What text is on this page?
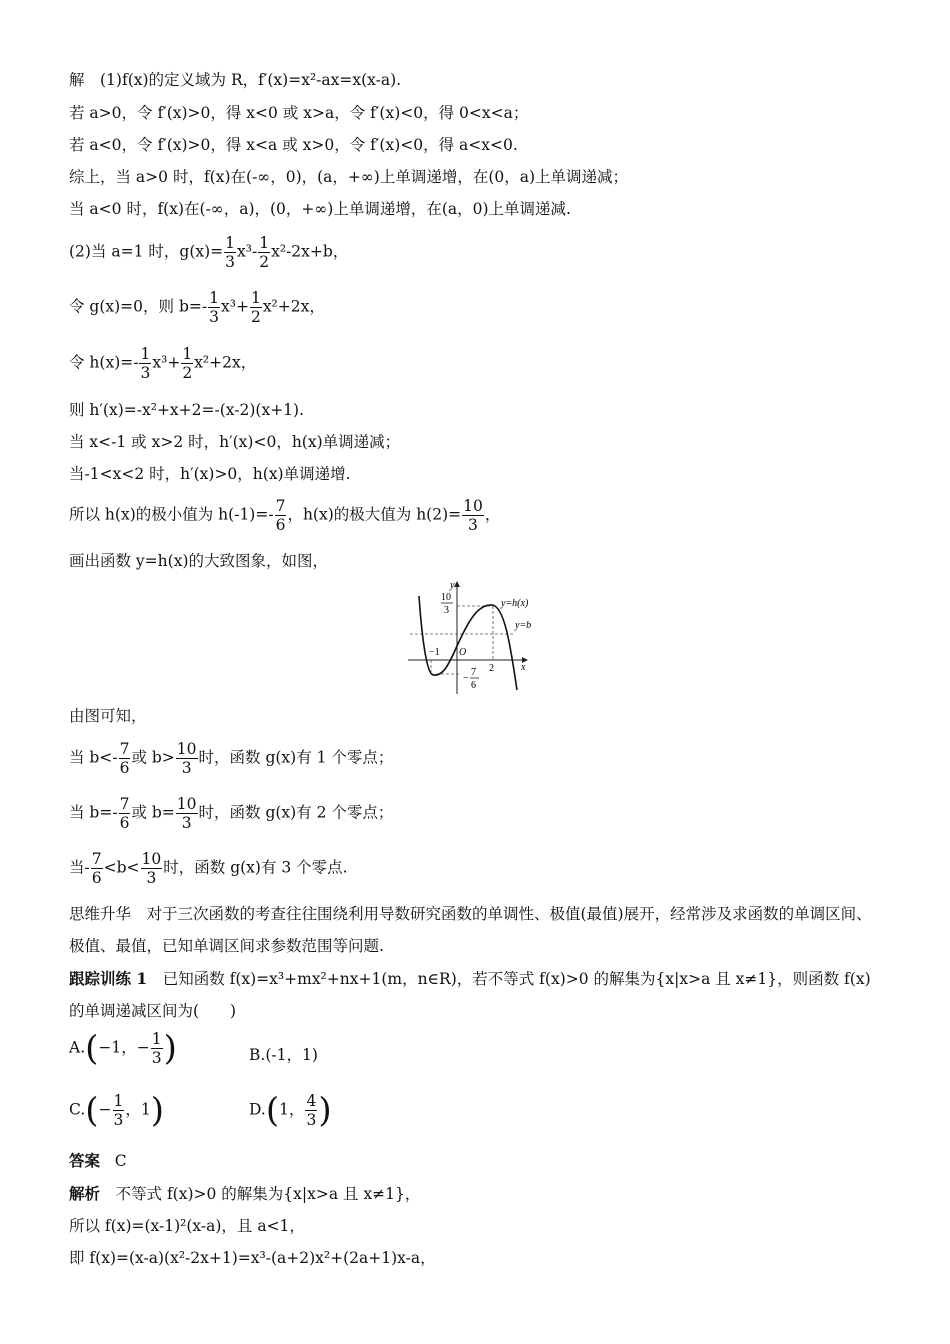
解 (1)f(x)的定义域为 R，f′(x)=x²-ax=x(x-a).
若 a>0，令 f′(x)>0，得 x<0 或 x>a，令 f′(x)<0，得 0<x<a；
若 a<0，令 f′(x)>0，得 x<a 或 x>0，令 f′(x)<0，得 a<x<0.
综上，当 a>0 时，f(x)在(-∞，0)，(a，+∞)上单调递增，在(0，a)上单调递减；
当 a<0 时，f(x)在(-∞，a)，(0，+∞)上单调递增，在(a，0)上单调递减.
(2)当 a=1 时，$g(x)= \frac{1}{3} x^3- \frac{1}{2} x^2-2x+b$，
令 g(x)=0，则 $b=- \frac{1}{3} x^3+ \frac{1}{2} x^2+2x$，
令 $h(x)=- \frac{1}{3} x^3+ \frac{1}{2} x^2+2x$，
则 h′(x)=-x²+x+2=-(x-2)(x+1).
当 x<-1 或 x>2 时，h′(x)<0，h(x)单调递减；
当-1<x<2 时，h′(x)>0，h(x)单调递增.
所以 h(x)的极小值为 $h(-1)=- \frac{7}{6}$ ，h(x)的极大值为 $h(2)= \frac{10}{3}$ ，
画出函数 y=h(x)的大致图象，如图，
y
x
O
10
3
y=h(x)
y=b
−1
2
−
7
6
由图可知，
当 $b<- \frac{7}{6}$ 或 $b> \frac{10}{3}$ 时，函数 g(x)有 1 个零点；
当 $b=- \frac{7}{6}$ 或 $b= \frac{10}{3}$ 时，函数 g(x)有 2 个零点；
当- $\frac{7}{6} <b< \frac{10}{3}$ 时，函数 g(x)有 3 个零点.
思维升华 对于三次函数的考查往往围绕利用导数研究函数的单调性、极值(最值)展开，经常涉及求函数的单调区间、极值、最值，已知单调区间求参数范围等问题.
跟踪训练 1 已知函数 f(x)=x³+mx²+nx+1(m，n∈R)，若不等式 f(x)>0 的解集为{x|x>a 且 x≠1}，则函数 f(x)的单调递减区间为(  )
A.(−1，− $\frac{1}{3}$ )	B.(-1，1)
$C.(- \frac{1}{3}$ ，1)	D.(1， $\frac{4}{3}$ )
答案 C
解析 不等式 f(x)>0 的解集为{x|x>a 且 x≠1}，
所以 f(x)=(x-1)²(x-a)，且 a<1，
即 f(x)=(x-a)(x²-2x+1)=x³-(a+2)x²+(2a+1)x-a，
